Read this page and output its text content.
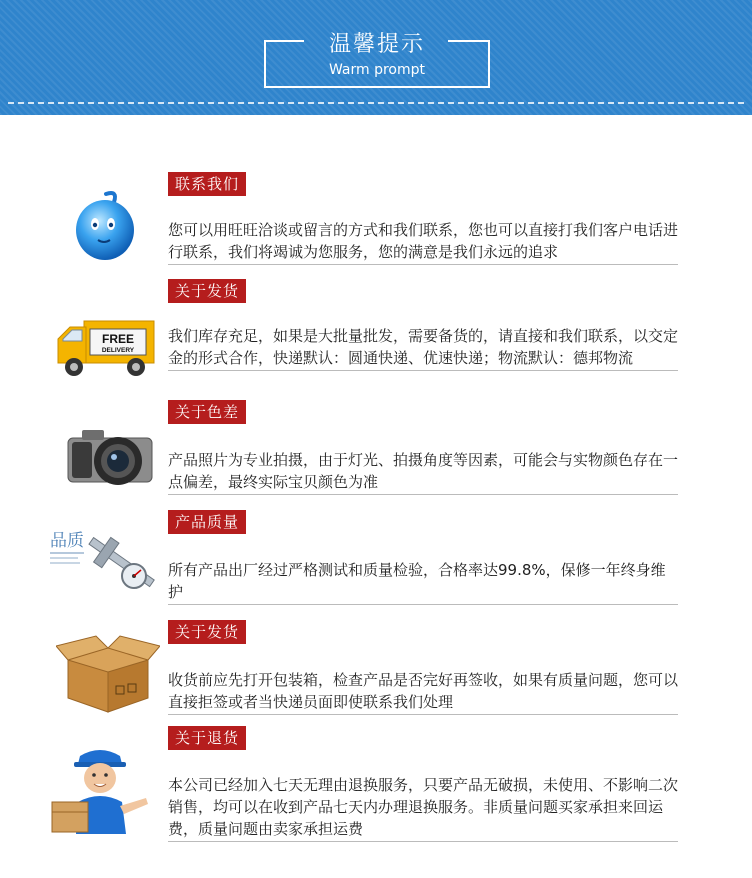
温馨提示
Warm prompt
联系我们
您可以用旺旺洽谈或留言的方式和我们联系，您也可以直接打我们客户电话进行联系，我们将竭诚为您服务，您的满意是我们永远的追求
FREE
DELIVERY
关于发货
我们库存充足，如果是大批量批发，需要备货的，请直接和我们联系，以交定金的形式合作，快递默认：圆通快递、优速快递；物流默认：德邦物流
关于色差
产品照片为专业拍摄，由于灯光、拍摄角度等因素，可能会与实物颜色存在一点偏差，最终实际宝贝颜色为准
品质
产品质量
所有产品出厂经过严格测试和质量检验，合格率达99.8%，保修一年终身维护
关于发货
收货前应先打开包装箱，检查产品是否完好再签收，如果有质量问题，您可以直接拒签或者当快递员面即使联系我们处理
关于退货
本公司已经加入七天无理由退换服务，只要产品无破损，未使用、不影响二次销售，均可以在收到产品七天内办理退换服务。非质量问题买家承担来回运费，质量问题由卖家承担运费
